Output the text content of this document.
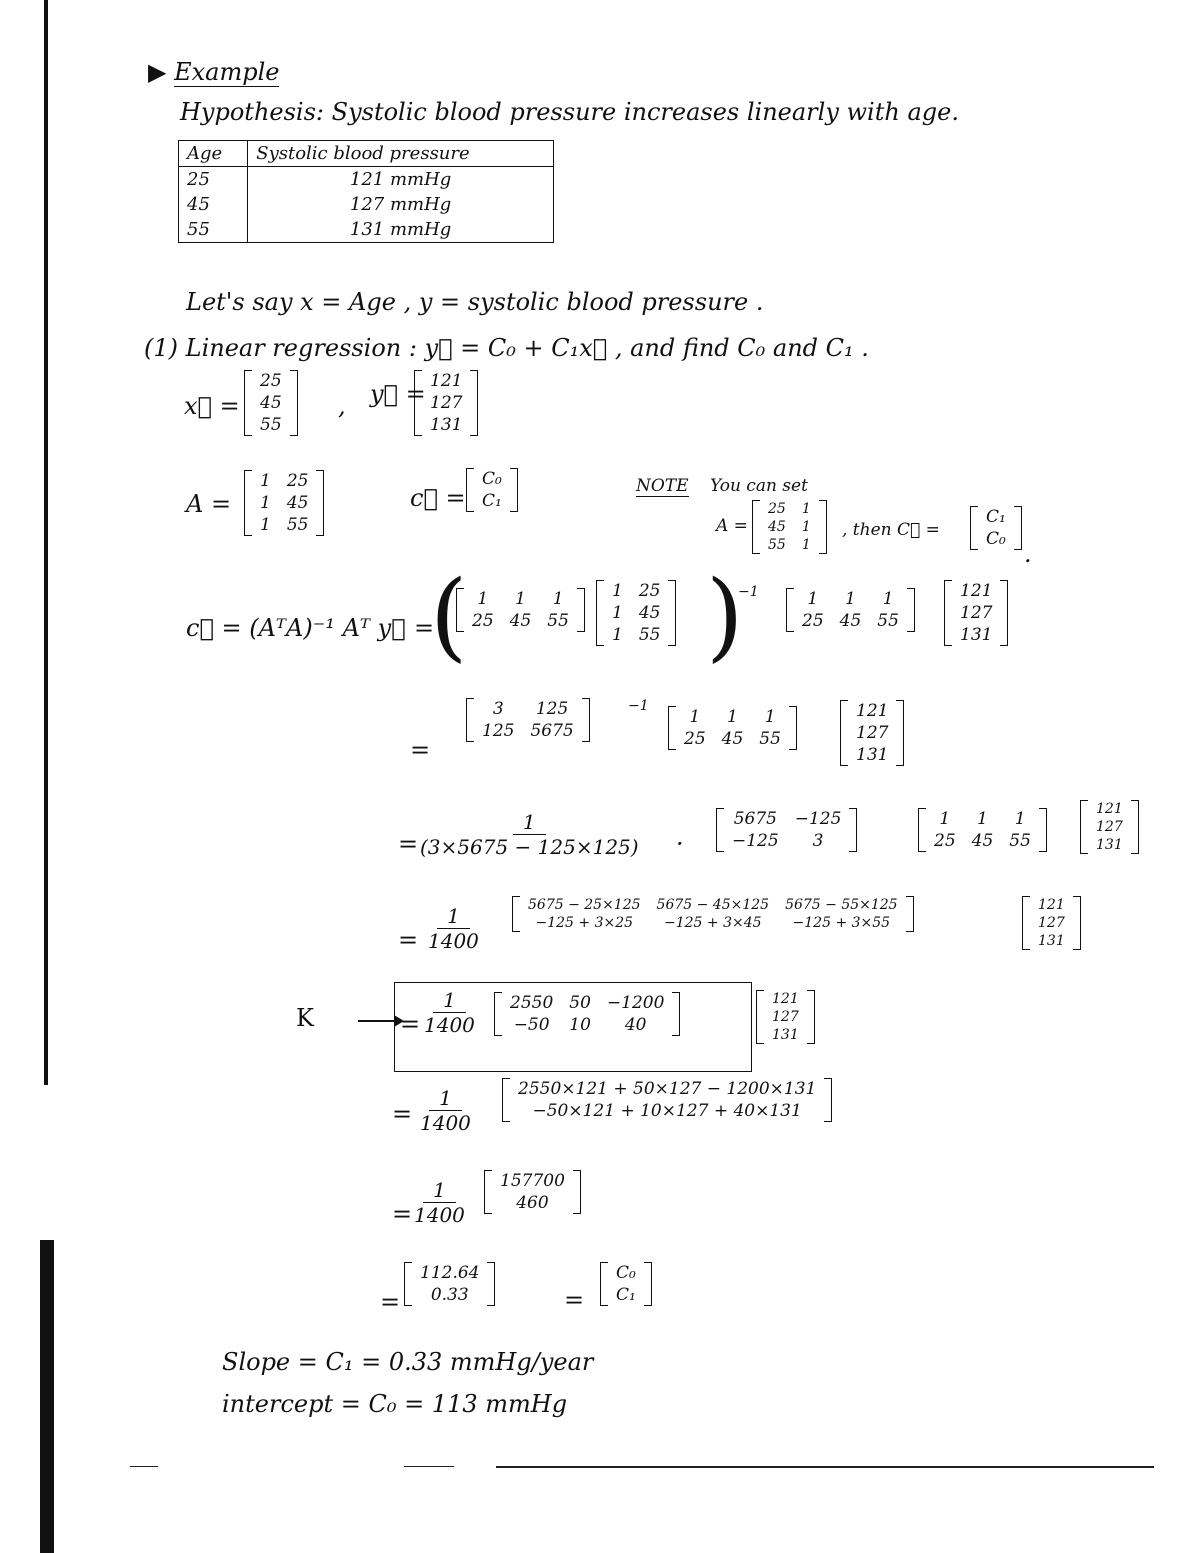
▶ Example
Hypothesis: Systolic blood pressure increases linearly with age.
Age	Systolic blood pressure
25	121 mmHg
45	127 mmHg
55	131 mmHg
Let's say x = Age , y = systolic blood pressure .
(1) Linear regression : y⃗ = C₀ + C₁x⃗ , and find C₀ and C₁ .
x⃗ =
25
45
55
, y⃗ = 121
127
131
A =
1	25
1	45
1	55
c⃗ =
C₀
C₁
NOTE You can set
A =
25	1
45	1
55	1
, then C⃗ =
C₁
C₀
.
c⃗ = (AᵀA)⁻¹ Aᵀ y⃗ =
( 1	1	1
25	45	55
1	25
1	45
1	55 )
−1	1	1	1
25	45	55
121
127
131
=
3	125
125	5675
−1
1	1	1
25	45	55
121
127
131
= $\frac{1}{(3\times 5675 - 125\times 125)}$ ·
5675	−125
−125	3
1	1	1
25	45	55
121
127
131
= $\frac{1}{1400}$	5675 − 25×125	5675 − 45×125	5675 − 55×125
−125 + 3×25	−125 + 3×45	−125 + 3×55
121
127
131
K	= $\frac{1}{1400} 2550$	50	−1200
−50	10	40
121
127
131
= $\frac{1}{1400}$	2550×121 + 50×127 − 1200×131
−50×121 + 10×127 + 40×131
= $\frac{1}{1400} 157700$
460
=
112.64
0.33	=
C₀
C₁
Slope = C₁ = 0.33 mmHg/year
intercept = C₀ = 113 mmHg
